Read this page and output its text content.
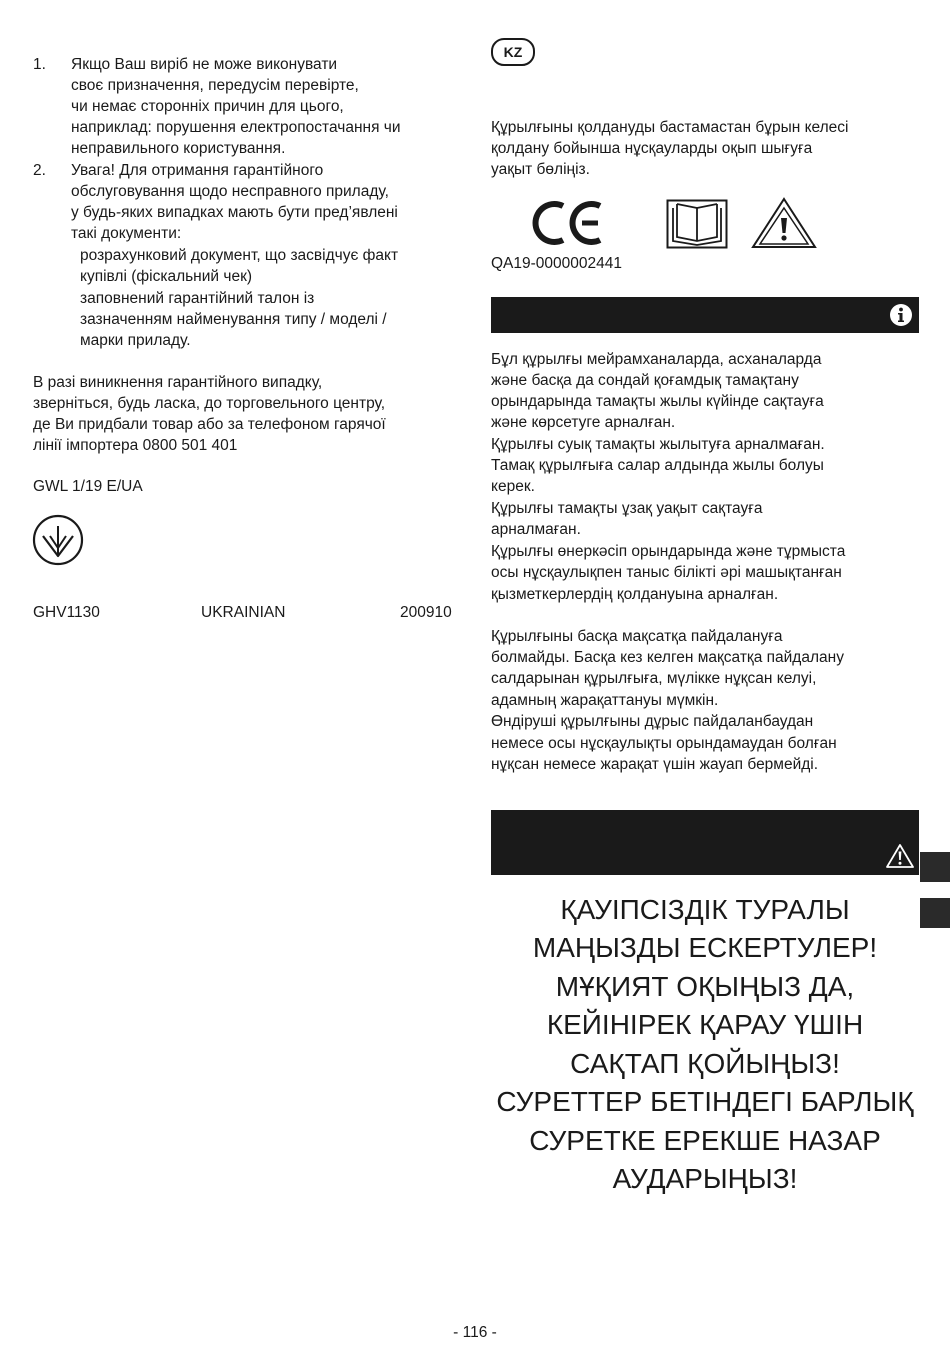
1. Якщо Ваш виріб не може виконувати
своє призначення, передусім перевірте,
чи немає сторонніх причин для цього,
наприклад: порушення електропостачання чи
неправильного користування.
2. Увага! Для отримання гарантійного
обслуговування щодо несправного приладу,
у будь-яких випадках мають бути пред’явлені
такі документи:
розрахунковий документ, що засвідчує факт
купівлі (фіскальний чек)
заповнений гарантійний талон із
зазначенням найменування типу / моделі /
марки приладу.
В разі виникнення гарантійного випадку,
зверніться, будь ласка, до торговельного центру,
де Ви придбали товар або за телефоном гарячої
лінії імпортера 0800 501 401
GWL 1/19 E/UA
GHV1130	UKRAINIAN	200910
KZ
Құрылғыны қолдануды бастамастан бұрын келесі
қолдану бойынша нұсқауларды оқып шығуға
уақыт бөліңіз.
QA19-0000002441
Бұл құрылғы мейрамханаларда, асханаларда
және басқа да сондай қоғамдық тамақтану
орындарында тамақты жылы күйінде сақтауға
және көрсетуге арналған.
Құрылғы суық тамақты жылытуға арналмаған.
Тамақ құрылғыға салар алдында жылы болуы
керек.
Құрылғы тамақты ұзақ уақыт сақтауға
арналмаған.
Құрылғы өнеркәсіп орындарында және тұрмыста
осы нұсқаулықпен таныс білікті әрі машықтанған
қызметкерлердің қолдануына арналған.
Құрылғыны басқа мақсатқа пайдалануға
болмайды. Басқа кез келген мақсатқа пайдалану
салдарынан құрылғыға, мүлікке нұқсан келуі,
адамның жарақаттануы мүмкін.
Өндіруші құрылғыны дұрыс пайдаланбаудан
немесе осы нұсқаулықты орындамаудан болған
нұқсан немесе жарақат үшін жауап бермейді.
ҚАУІПСІЗДІК ТУРАЛЫ
МАҢЫЗДЫ ЕСКЕРТУЛЕР!
МҰҚИЯТ ОҚЫҢЫЗ ДА,
КЕЙІНІРЕК ҚАРАУ ҮШІН
САҚТАП ҚОЙЫҢЫЗ!
СУРЕТТЕР БЕТІНДЕГІ БАРЛЫҚ
СУРЕТКЕ ЕРЕКШЕ НАЗАР
АУДАРЫҢЫЗ!
- 116 -
